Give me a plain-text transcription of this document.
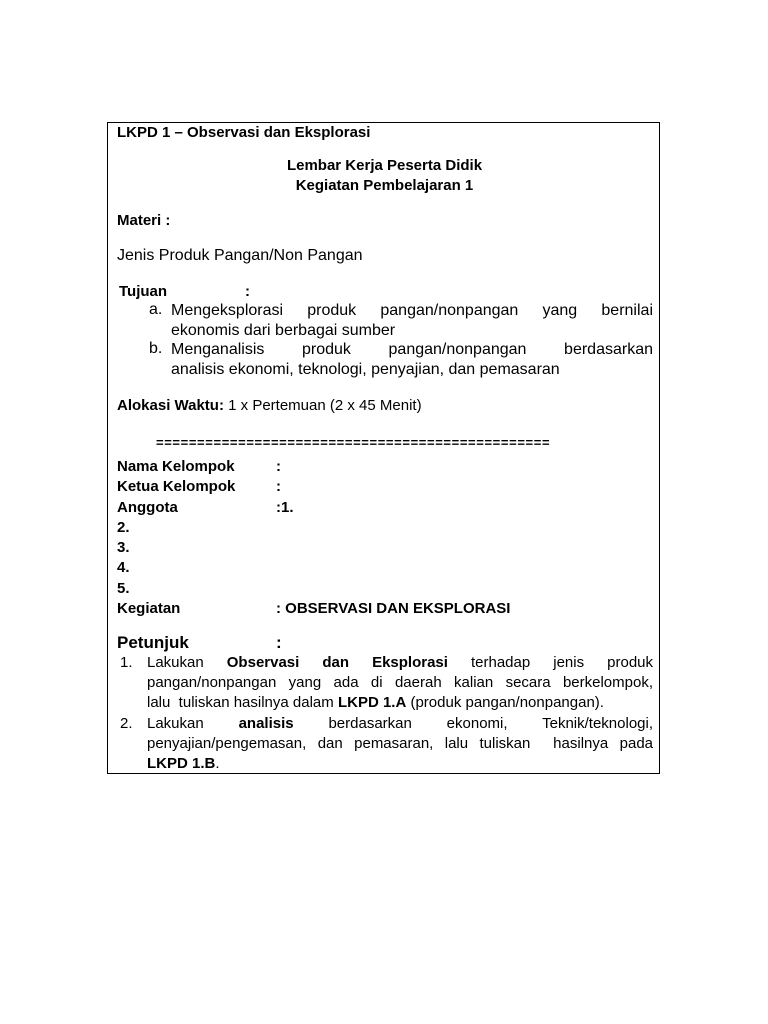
LKPD 1 – Observasi dan Eksplorasi
Lembar Kerja Peserta Didik
Kegiatan Pembelajaran 1
Materi :
Jenis Produk Pangan/Non Pangan
Tujuan	:
a. Mengeksplorasi produk pangan/nonpangan yang bernilai
ekonomis dari berbagai sumber
b. Menganalisis produk pangan/nonpangan berdasarkan
analisis ekonomi, teknologi, penyajian, dan pemasaran
Alokasi Waktu: 1 x Pertemuan (2 x 45 Menit)
================================================
Nama Kelompok	:
Ketua Kelompok	:
Anggota	:1.
2.
3.
4.
5.
Kegiatan	: OBSERVASI DAN EKSPLORASI
Petunjuk	:
1. Lakukan Observasi dan Eksplorasi terhadap jenis produk
pangan/nonpangan yang ada di daerah kalian secara berkelompok,
lalu  tuliskan hasilnya dalam LKPD 1.A (produk pangan/nonpangan).
2. Lakukan analisis berdasarkan ekonomi, Teknik/teknologi,
penyajian/pengemasan, dan pemasaran, lalu tuliskan  hasilnya pada
LKPD 1.B.
